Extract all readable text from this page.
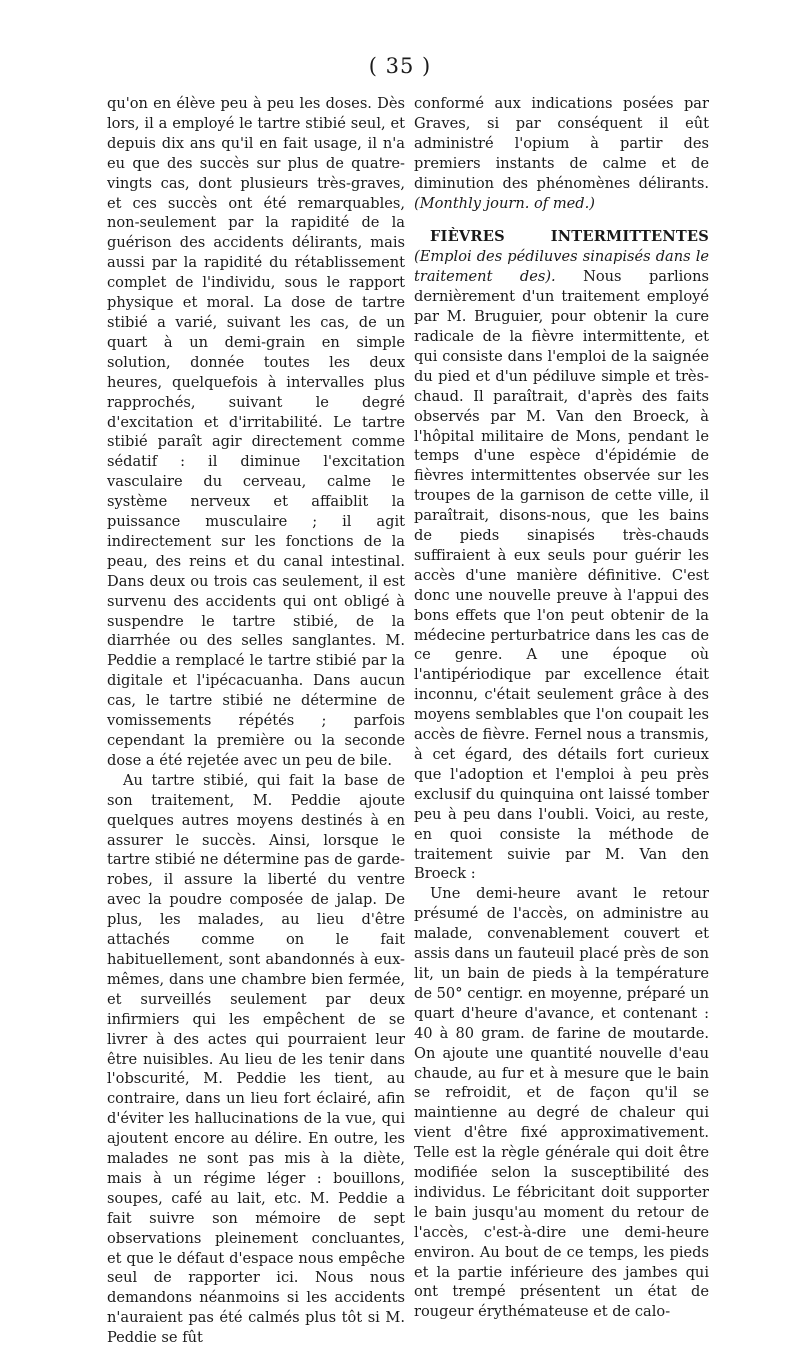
( 35 )

qu'on en élève peu à peu les doses. Dès lors, il a employé le tartre stibié seul, et depuis dix ans qu'il en fait usage, il n'a eu que des succès sur plus de quatre-vingts cas, dont plusieurs très-graves, et ces succès ont été remarquables, non-seulement par la rapidité de la guérison des accidents délirants, mais aussi par la rapidité du rétablissement complet de l'individu, sous le rapport physique et moral. La dose de tartre stibié a varié, suivant les cas, de un quart à un demi-grain en simple solution, donnée toutes les deux heures, quelquefois à intervalles plus rapprochés, suivant le degré d'excitation et d'irritabilité. Le tartre stibié paraît agir directement comme sédatif : il diminue l'excitation vasculaire du cerveau, calme le système nerveux et affaiblit la puissance musculaire ; il agit indirectement sur les fonctions de la peau, des reins et du canal intestinal. Dans deux ou trois cas seulement, il est survenu des accidents qui ont obligé à suspendre le tartre stibié, de la diarrhée ou des selles sanglantes. M. Peddie a remplacé le tartre stibié par la digitale et l'ipécacuanha. Dans aucun cas, le tartre stibié ne détermine de vomissements répétés ; parfois cependant la première ou la seconde dose a été rejetée avec un peu de bile.

Au tartre stibié, qui fait la base de son traitement, M. Peddie ajoute quelques autres moyens destinés à en assurer le succès. Ainsi, lorsque le tartre stibié ne détermine pas de garde-robes, il assure la liberté du ventre avec la poudre composée de jalap. De plus, les malades, au lieu d'être attachés comme on le fait habituellement, sont abandonnés à eux-mêmes, dans une chambre bien fermée, et surveillés seulement par deux infirmiers qui les empêchent de se livrer à des actes qui pourraient leur être nuisibles. Au lieu de les tenir dans l'obscurité, M. Peddie les tient, au contraire, dans un lieu fort éclairé, afin d'éviter les hallucinations de la vue, qui ajoutent encore au délire. En outre, les malades ne sont pas mis à la diète, mais à un régime léger : bouillons, soupes, café au lait, etc. M. Peddie a fait suivre son mémoire de sept observations pleinement concluantes, et que le défaut d'espace nous empêche seul de rapporter ici. Nous nous demandons néanmoins si les accidents n'auraient pas été calmés plus tôt si M. Peddie se fût

conformé aux indications posées par Graves, si par conséquent il eût administré l'opium à partir des premiers instants de calme et de diminution des phénomènes délirants. (Monthly journ. of med.)

FIÈVRES INTERMITTENTES (Emploi des pédiluves sinapisés dans le traitement des). Nous parlions dernièrement d'un traitement employé par M. Bruguier, pour obtenir la cure radicale de la fièvre intermittente, et qui consiste dans l'emploi de la saignée du pied et d'un pédiluve simple et très-chaud. Il paraîtrait, d'après des faits observés par M. Van den Broeck, à l'hôpital militaire de Mons, pendant le temps d'une espèce d'épidémie de fièvres intermittentes observée sur les troupes de la garnison de cette ville, il paraîtrait, disons-nous, que les bains de pieds sinapisés très-chauds suffiraient à eux seuls pour guérir les accès d'une manière définitive. C'est donc une nouvelle preuve à l'appui des bons effets que l'on peut obtenir de la médecine perturbatrice dans les cas de ce genre. A une époque où l'antipériodique par excellence était inconnu, c'était seulement grâce à des moyens semblables que l'on coupait les accès de fièvre. Fernel nous a transmis, à cet égard, des détails fort curieux que l'adoption et l'emploi à peu près exclusif du quinquina ont laissé tomber peu à peu dans l'oubli. Voici, au reste, en quoi consiste la méthode de traitement suivie par M. Van den Broeck :

Une demi-heure avant le retour présumé de l'accès, on administre au malade, convenablement couvert et assis dans un fauteuil placé près de son lit, un bain de pieds à la température de 50° centigr. en moyenne, préparé un quart d'heure d'avance, et contenant : 40 à 80 gram. de farine de moutarde. On ajoute une quantité nouvelle d'eau chaude, au fur et à mesure que le bain se refroidit, et de façon qu'il se maintienne au degré de chaleur qui vient d'être fixé approximativement. Telle est la règle générale qui doit être modifiée selon la susceptibilité des individus. Le fébricitant doit supporter le bain jusqu'au moment du retour de l'accès, c'est-à-dire une demi-heure environ. Au bout de ce temps, les pieds et la partie inférieure des jambes qui ont trempé présentent un état de rougeur érythémateuse et de calo-
